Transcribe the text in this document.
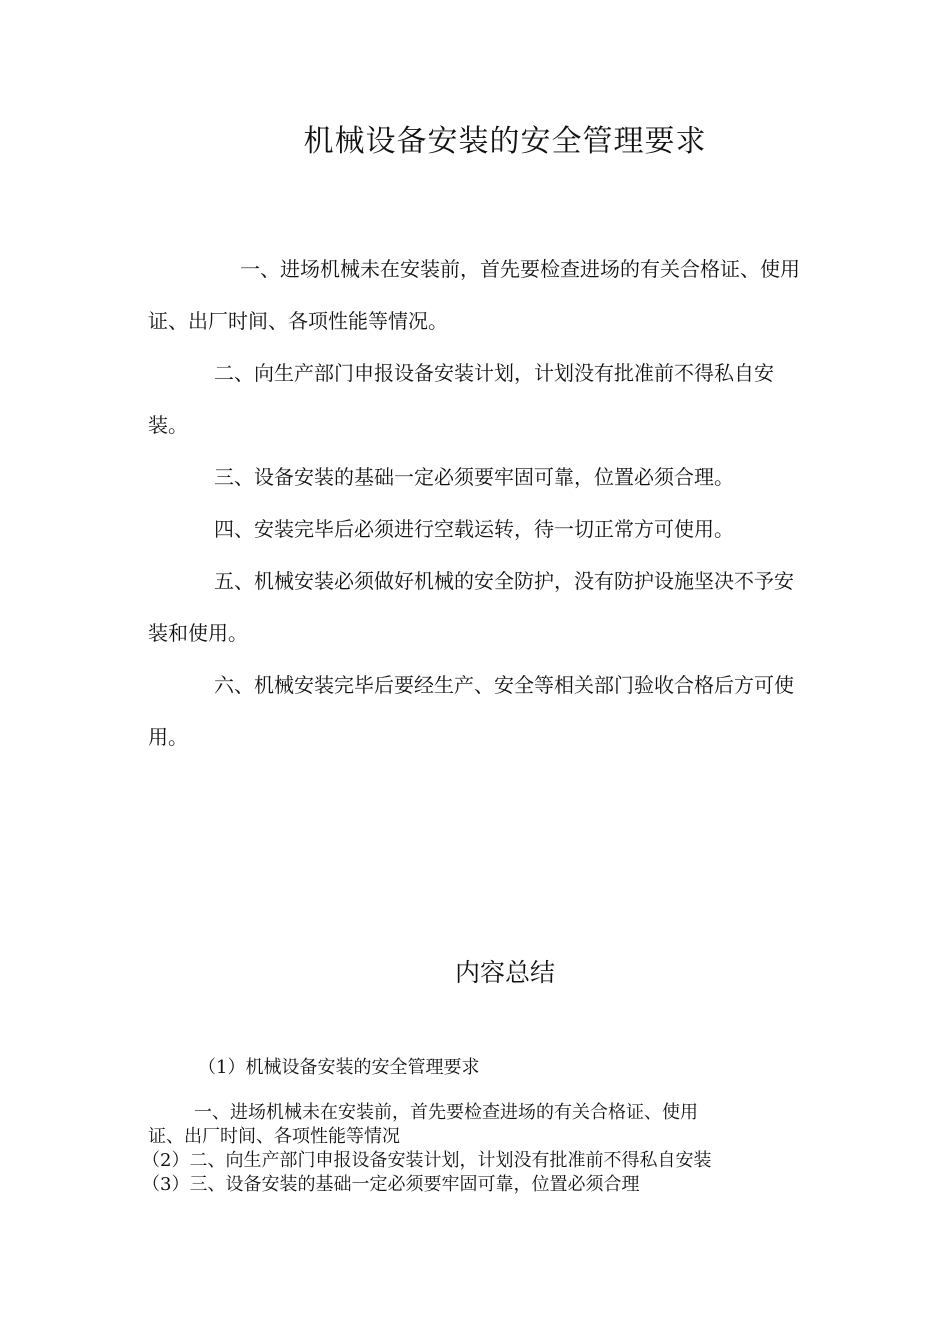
机械设备安装的安全管理要求

一、进场机械未在安装前，首先要检查进场的有关合格证、使用证、出厂时间、各项性能等情况。

二、向生产部门申报设备安装计划，计划没有批准前不得私自安装。

三、设备安装的基础一定必须要牢固可靠，位置必须合理。

四、安装完毕后必须进行空载运转，待一切正常方可使用。

五、机械安装必须做好机械的安全防护，没有防护设施坚决不予安装和使用。

六、机械安装完毕后要经生产、安全等相关部门验收合格后方可使用。

内容总结

（1）机械设备安装的安全管理要求

一、进场机械未在安装前，首先要检查进场的有关合格证、使用

证、出厂时间、各项性能等情况

（2）二、向生产部门申报设备安装计划，计划没有批准前不得私自安装

（3）三、设备安装的基础一定必须要牢固可靠，位置必须合理
